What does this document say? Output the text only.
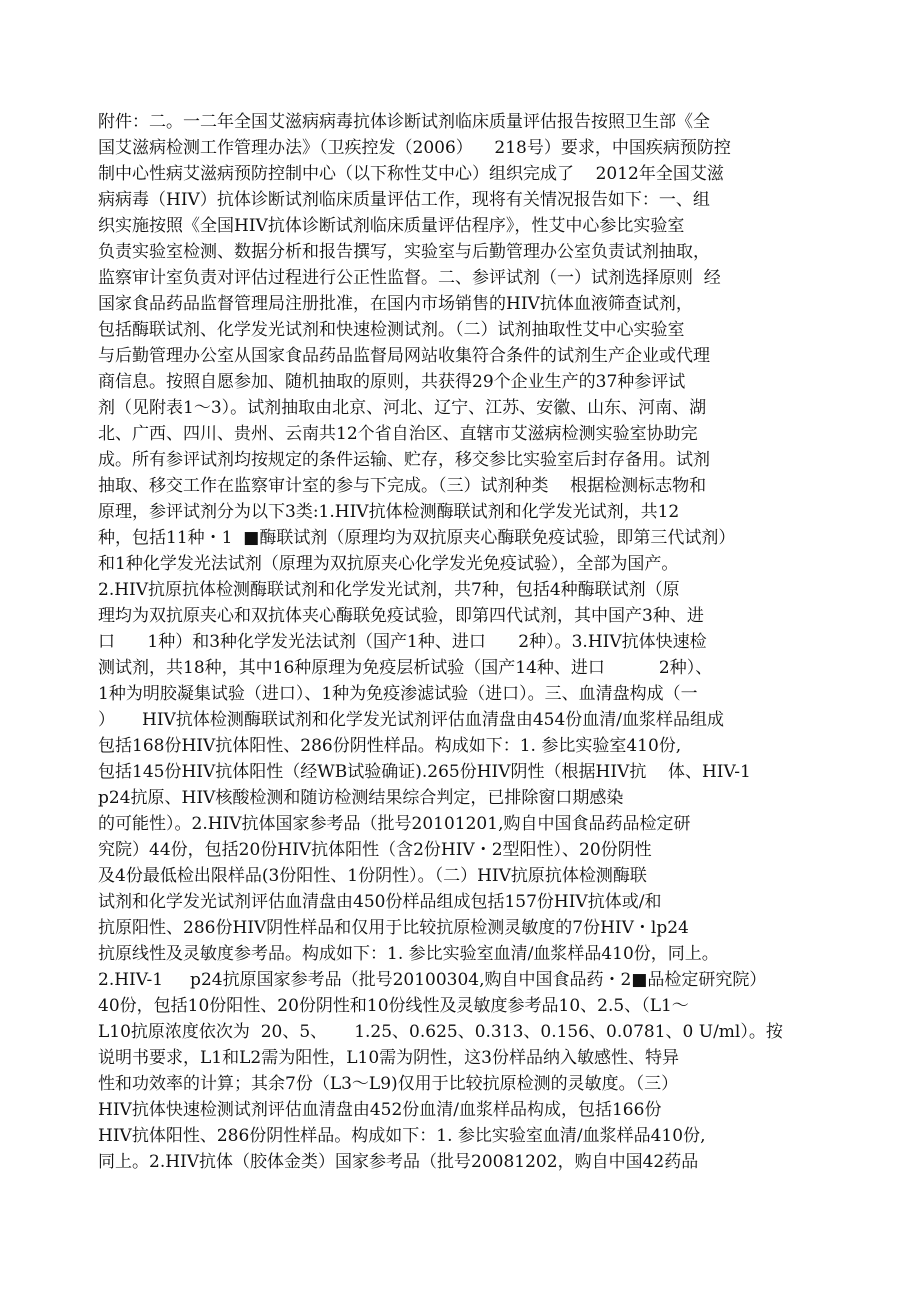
附件：二。一二年全国艾滋病病毒抗体诊断试剂临床质量评估报告按照卫生部《全
国艾滋病检测工作管理办法》（卫疾控发（2006）    218号）要求，中国疾病预防控
制中心性病艾滋病预防控制中心（以下称性艾中心）组织完成了    2012年全国艾滋
病病毒（HIV）抗体诊断试剂临床质量评估工作，现将有关情况报告如下：一、组
织实施按照《全国HIV抗体诊断试剂临床质量评估程序》，性艾中心参比实验室
负责实验室检测、数据分析和报告撰写，实验室与后勤管理办公室负责试剂抽取，
监察审计室负责对评估过程进行公正性监督。二、参评试剂（一）试剂选择原则  经
国家食品药品监督管理局注册批准，在国内市场销售的HIV抗体血液筛查试剂，
包括酶联试剂、化学发光试剂和快速检测试剂。（二）试剂抽取性艾中心实验室
与后勤管理办公室从国家食品药品监督局网站收集符合条件的试剂生产企业或代理
商信息。按照自愿参加、随机抽取的原则，共获得29个企业生产的37种参评试
剂（见附表1～3）。试剂抽取由北京、河北、辽宁、江苏、安徽、山东、河南、湖
北、广西、四川、贵州、云南共12个省自治区、直辖市艾滋病检测实验室协助完
成。所有参评试剂均按规定的条件运输、贮存，移交参比实验室后封存备用。试剂
抽取、移交工作在监察审计室的参与下完成。（三）试剂种类    根据检测标志物和
原理，参评试剂分为以下3类:1.HIV抗体检测酶联试剂和化学发光试剂，共12
种，包括11种・1  ■酶联试剂（原理均为双抗原夹心酶联免疫试验，即第三代试剂）
和1种化学发光法试剂（原理为双抗原夹心化学发光免疫试验），全部为国产。
2.HIV抗原抗体检测酶联试剂和化学发光试剂，共7种，包括4种酶联试剂（原
理均为双抗原夹心和双抗体夹心酶联免疫试验，即第四代试剂，其中国产3种、进
口      1种）和3种化学发光法试剂（国产1种、进口      2种）。3.HIV抗体快速检
测试剂，共18种，其中16种原理为免疫层析试验（国产14种、进口          2种）、
1种为明胶凝集试验（进口）、1种为免疫渗滤试验（进口）。三、血清盘构成（一
）     HIV抗体检测酶联试剂和化学发光试剂评估血清盘由454份血清/血浆样品组成
包括168份HIV抗体阳性、286份阴性样品。构成如下：1. 参比实验室410份,
包括145份HIV抗体阳性（经WB试验确证).265份HIV阴性（根据HIV抗    体、HIV-1
p24抗原、HIV核酸检测和随访检测结果综合判定，已排除窗口期感染
的可能性）。2.HIV抗体国家参考品（批号20101201,购自中国食品药品检定研
究院）44份，包括20份HIV抗体阳性（含2份HIV・2型阳性）、20份阴性
及4份最低检出限样品(3份阳性、1份阴性）。（二）HIV抗原抗体检测酶联
试剂和化学发光试剂评估血清盘由450份样品组成包括157份HIV抗体或/和
抗原阳性、286份HIV阴性样品和仅用于比较抗原检测灵敏度的7份HIV・lp24
抗原线性及灵敏度参考品。构成如下：1. 参比实验室血清/血浆样品410份，同上。
2.HIV-1     p24抗原国家参考品（批号20100304,购自中国食品药・2■品检定研究院）
40份，包括10份阳性、20份阴性和10份线性及灵敏度参考品10、2.5、（L1～
L10抗原浓度依次为  20、5、     1.25、0.625、0.313、0.156、0.0781、0 U/ml）。按
说明书要求，L1和L2需为阳性，L10需为阴性，这3份样品纳入敏感性、特异
性和功效率的计算；其余7份（L3～L9)仅用于比较抗原检测的灵敏度。（三）
HIV抗体快速检测试剂评估血清盘由452份血清/血浆样品构成，包括166份
HIV抗体阳性、286份阴性样品。构成如下：1. 参比实验室血清/血浆样品410份,
同上。2.HIV抗体（胶体金类）国家参考品（批号20081202，购自中国42药品
